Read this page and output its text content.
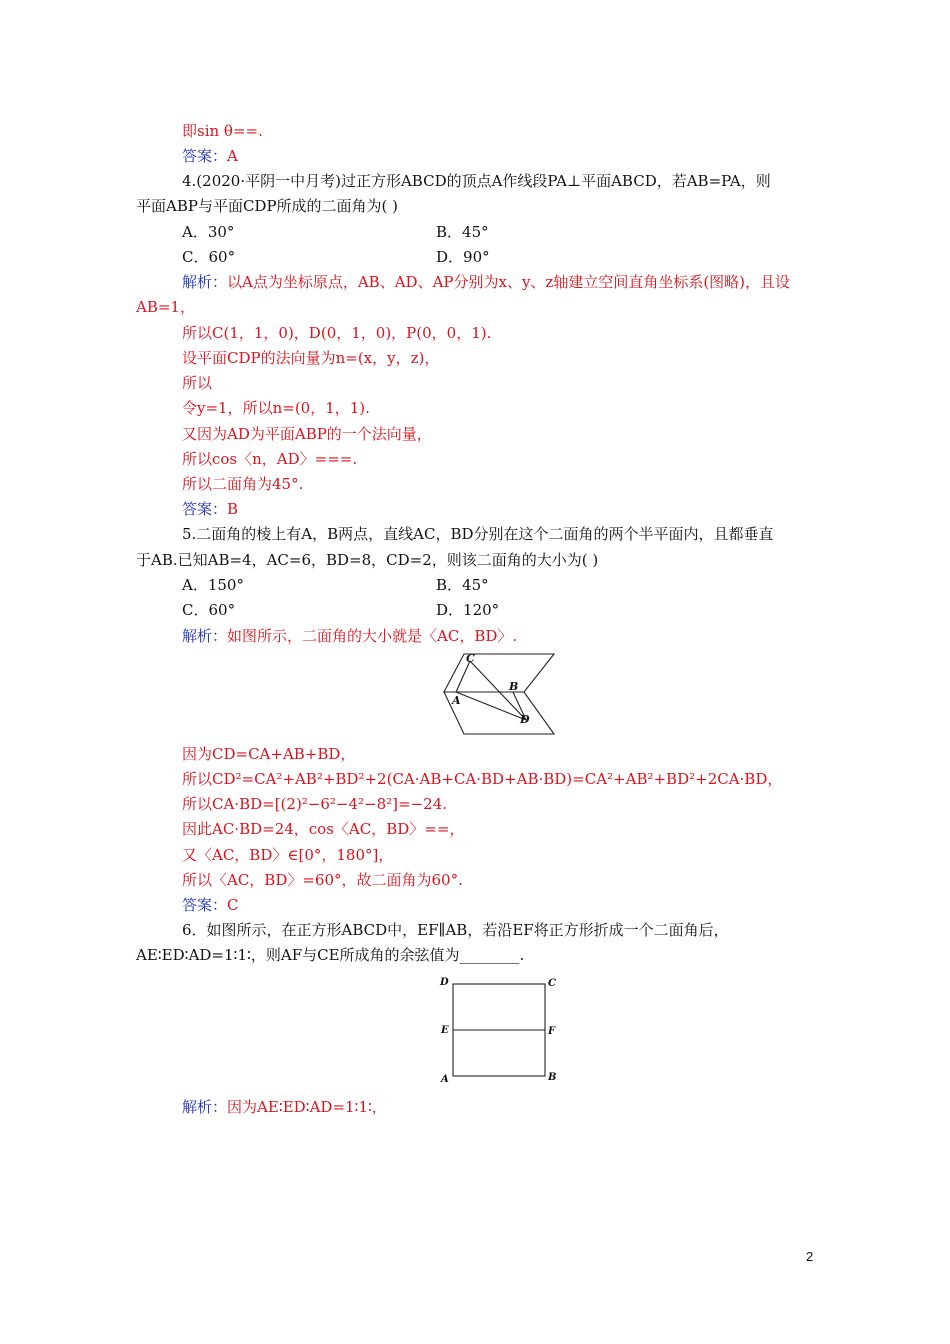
即sin θ==.
答案：A
4.(2020·平阴一中月考)过正方形ABCD的顶点A作线段PA⊥平面ABCD，若AB=PA，则
平面ABP与平面CDP所成的二面角为( )
A．30°	B．45°
C．60°	D．90°
解析：以A点为坐标原点，AB、AD、AP分别为x、y、z轴建立空间直角坐标系(图略)，且设
AB=1，
所以C(1，1，0)，D(0，1，0)，P(0，0，1).
设平面CDP的法向量为n=(x，y，z)，
所以
令y=1，所以n=(0，1，1).
又因为AD为平面ABP的一个法向量，
所以cos〈n，AD〉===.
所以二面角为45°.
答案：B
5.二面角的棱上有A，B两点，直线AC，BD分别在这个二面角的两个半平面内，且都垂直
于AB.已知AB=4，AC=6，BD=8，CD=2，则该二面角的大小为( )
A．150°	B．45°
C．60°	D．120°
解析：如图所示，二面角的大小就是〈AC，BD〉.
C
B
A
D
因为CD=CA+AB+BD，
所以CD²=CA²+AB²+BD²+2(CA·AB+CA·BD+AB·BD)=CA²+AB²+BD²+2CA·BD，
所以CA·BD=[(2)²−6²−4²−8²]=−24.
因此AC·BD=24，cos〈AC，BD〉==，
又〈AC，BD〉∈[0°，180°]，
所以〈AC，BD〉=60°，故二面角为60°.
答案：C
6．如图所示，在正方形ABCD中，EF∥AB，若沿EF将正方形折成一个二面角后，
AE∶ED∶AD=1∶1∶，则AF与CE所成角的余弦值为________.
D	C
E	F
A	B
解析：因为AE∶ED∶AD=1∶1∶，
2
